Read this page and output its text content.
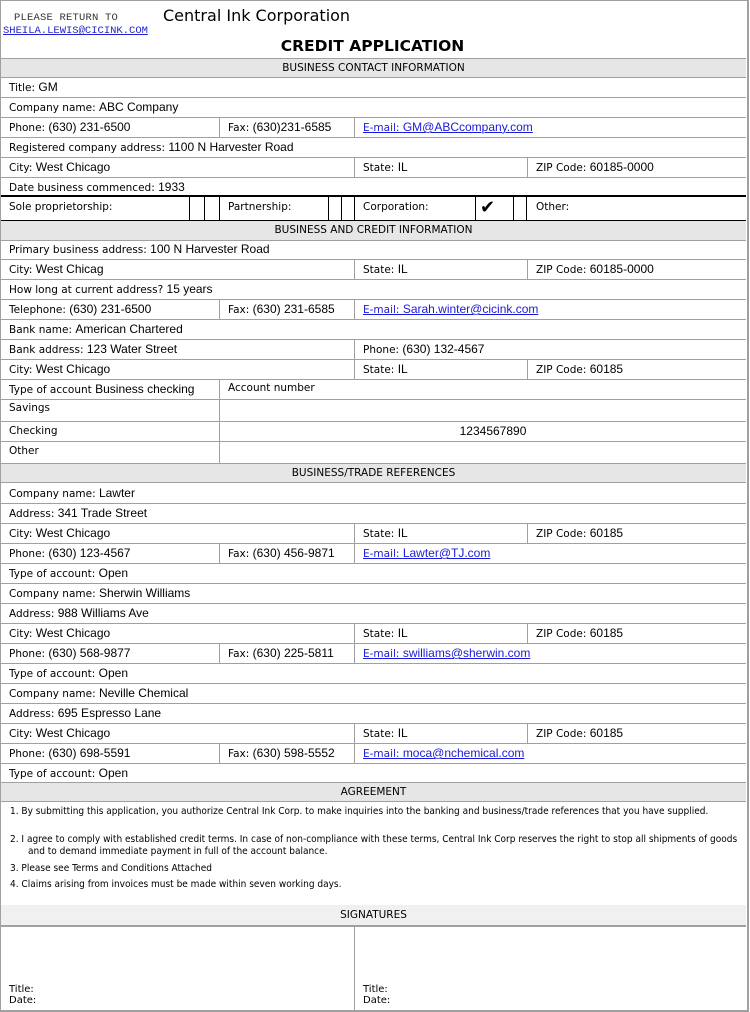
PLEASE RETURN TO
SHEILA.LEWIS@CICINK.COM
Central Ink Corporation
CREDIT APPLICATION
BUSINESS CONTACT INFORMATION
Title: GM
Company name: ABC Company
Phone: (630) 231-6500	Fax: (630)231-6585	E-mail: GM@ABCcompany.com
Registered company address: 1100 N Harvester Road
City: West Chicago	State: IL	ZIP Code: 60185-0000
Date business commenced: 1933
Sole proprietorship:	Partnership:	Corporation:	✔	Other:
BUSINESS AND CREDIT INFORMATION
Primary business address: 100 N Harvester Road
City: West Chicag	State: IL	ZIP Code: 60185-0000
How long at current address? 15 years
Telephone: (630) 231-6500	Fax: (630) 231-6585	E-mail: Sarah.winter@cicink.com
Bank name: American Chartered
Bank address: 123 Water Street	Phone: (630) 132-4567
City: West Chicago	State: IL	ZIP Code: 60185
Type of account Business checking	Account number
Savings
Checking	1234567890
Other
BUSINESS/TRADE REFERENCES
Company name: Lawter
Address: 341 Trade Street
City: West Chicago	State: IL	ZIP Code: 60185
Phone: (630) 123-4567	Fax: (630) 456-9871	E-mail: Lawter@TJ.com
Type of account: Open
Company name: Sherwin Williams
Address: 988 Williams Ave
City: West Chicago	State: IL	ZIP Code: 60185
Phone: (630) 568-9877	Fax: (630) 225-5811	E-mail: swilliams@sherwin.com
Type of account: Open
Company name: Neville Chemical
Address: 695 Espresso Lane
City: West Chicago	State: IL	ZIP Code: 60185
Phone: (630) 698-5591	Fax: (630) 598-5552	E-mail: moca@nchemical.com
Type of account: Open
AGREEMENT
1. By submitting this application, you authorize Central Ink Corp. to make inquiries into the banking and business/trade references that you have supplied.
2. I agree to comply with established credit terms. In case of non-compliance with these terms, Central Ink Corp reserves the right to stop all shipments of goods and to demand immediate payment in full of the account balance.
3. Please see Terms and Conditions Attached
4. Claims arising from invoices must be made within seven working days.
SIGNATURES
Title:
Date:
Title:
Date:
